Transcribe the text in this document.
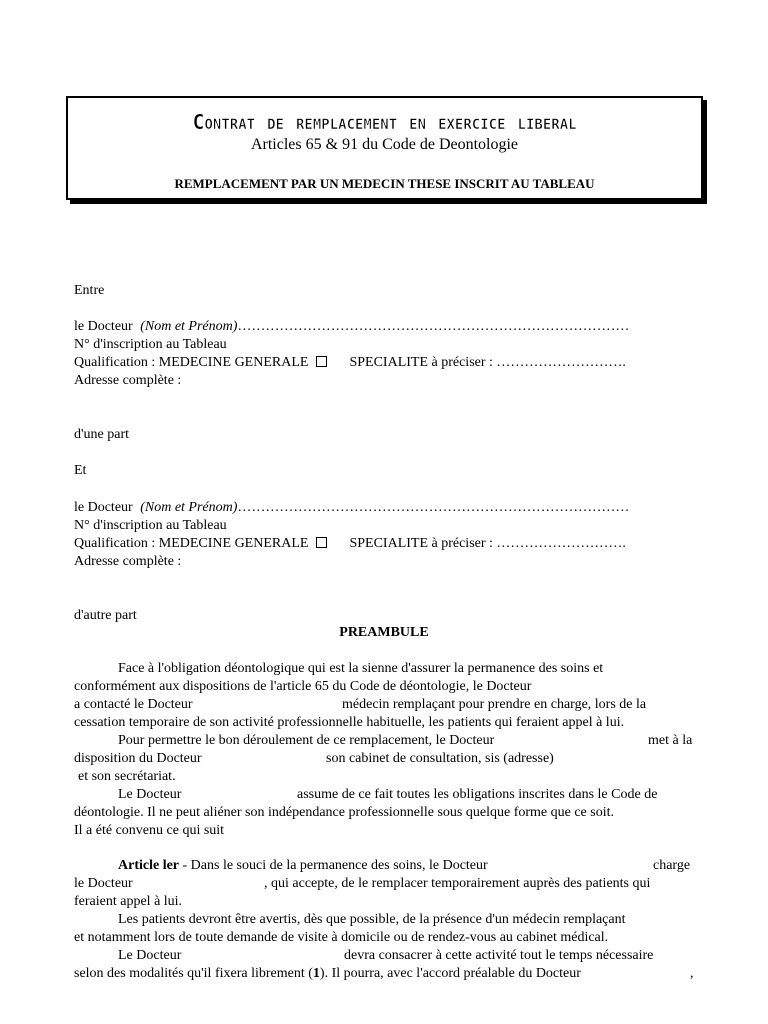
Contrat de remplacement en exercice liberal
Articles 65 & 91 du Code de Deontologie
REMPLACEMENT PAR UN MEDECIN THESE INSCRIT AU TABLEAU
Entre
le Docteur (Nom et Prénom)…………………………………………………………………………
N° d'inscription au Tableau
Qualification : MEDECINE GENERALE	SPECIALITE à préciser : ……………………….
Adresse complète :
d'une part
Et
le Docteur (Nom et Prénom)…………………………………………………………………………
N° d'inscription au Tableau
Qualification : MEDECINE GENERALE	SPECIALITE à préciser : ……………………….
Adresse complète :
d'autre part
PREAMBULE
Face à l'obligation déontologique qui est la sienne d'assurer la permanence des soins et
conformément aux dispositions de l'article 65 du Code de déontologie, le Docteur
a contacté le Docteur	médecin remplaçant pour prendre en charge, lors de la
cessation temporaire de son activité professionnelle habituelle, les patients qui feraient appel à lui.
Pour permettre le bon déroulement de ce remplacement, le Docteur	met à la
disposition du Docteur	son cabinet de consultation, sis (adresse)
et son secrétariat.
Le Docteur	assume de ce fait toutes les obligations inscrites dans le Code de
déontologie. Il ne peut aliéner son indépendance professionnelle sous quelque forme que ce soit.
Il a été convenu ce qui suit
Article ler - Dans le souci de la permanence des soins, le Docteur	charge
le Docteur	, qui accepte, de le remplacer temporairement auprès des patients qui
feraient appel à lui.
Les patients devront être avertis, dès que possible, de la présence d'un médecin remplaçant
et notamment lors de toute demande de visite à domicile ou de rendez-vous au cabinet médical.
Le Docteur	devra consacrer à cette activité tout le temps nécessaire
selon des modalités qu'il fixera librement (1). Il pourra, avec l'accord préalable du Docteur	,
